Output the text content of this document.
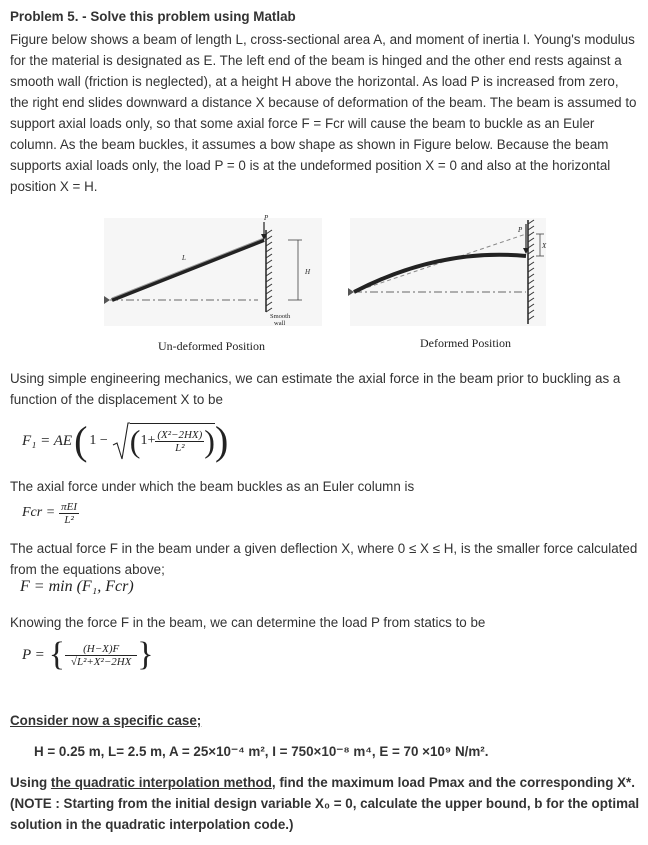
Problem 5. - Solve this problem using Matlab

Figure below shows a beam of length L, cross-sectional area A, and moment of inertia I. Young's modulus for the material is designated as E. The left end of the beam is hinged and the other end rests against a smooth wall (friction is neglected), at a height H above the horizontal. As load P is increased from zero, the right end slides downward a distance X because of deformation of the beam. The beam is assumed to support axial loads only, so that some axial force F = Fcr will cause the beam to buckle as an Euler column. As the beam buckles, it assumes a bow shape as shown in Figure below. Because the beam supports axial loads only, the load P = 0 is at the undeformed position X = 0 and also at the horizontal position X = H.

P
L
H
Smooth
wall
Un-deformed Position
P
X
Deformed Position

Using simple engineering mechanics, we can estimate the axial force in the beam prior to buckling as a function of the displacement X to be

F₁ = AE ( 1 − ( $1+ \frac{\text{(X²−2HX)}}{\text{L²}}$ ) )

The axial force under which the beam buckles as an Euler column is

Fcr = $\frac{\text{πEI}}{\text{L²}}$

The actual force F in the beam under a given deflection X, where 0 ≤ X ≤ H, is the smaller force calculated from the equations above;

F = min (F₁, Fcr)

Knowing the force F in the beam, we can determine the load P from statics to be

P = { $\frac{(H-X)F}{\text{√L²+X²−2HX}}$ }

Consider now a specific case;

H = 0.25 m, L= 2.5 m, A = 25×10⁻⁴ m², I = 750×10⁻⁸ m⁴, E = 70 ×10⁹ N/m².

Using the quadratic interpolation method, find the maximum load Pmax and the corresponding X*. (NOTE : Starting from the initial design variable X₀ = 0, calculate the upper bound, b for the optimal solution in the quadratic interpolation code.)
